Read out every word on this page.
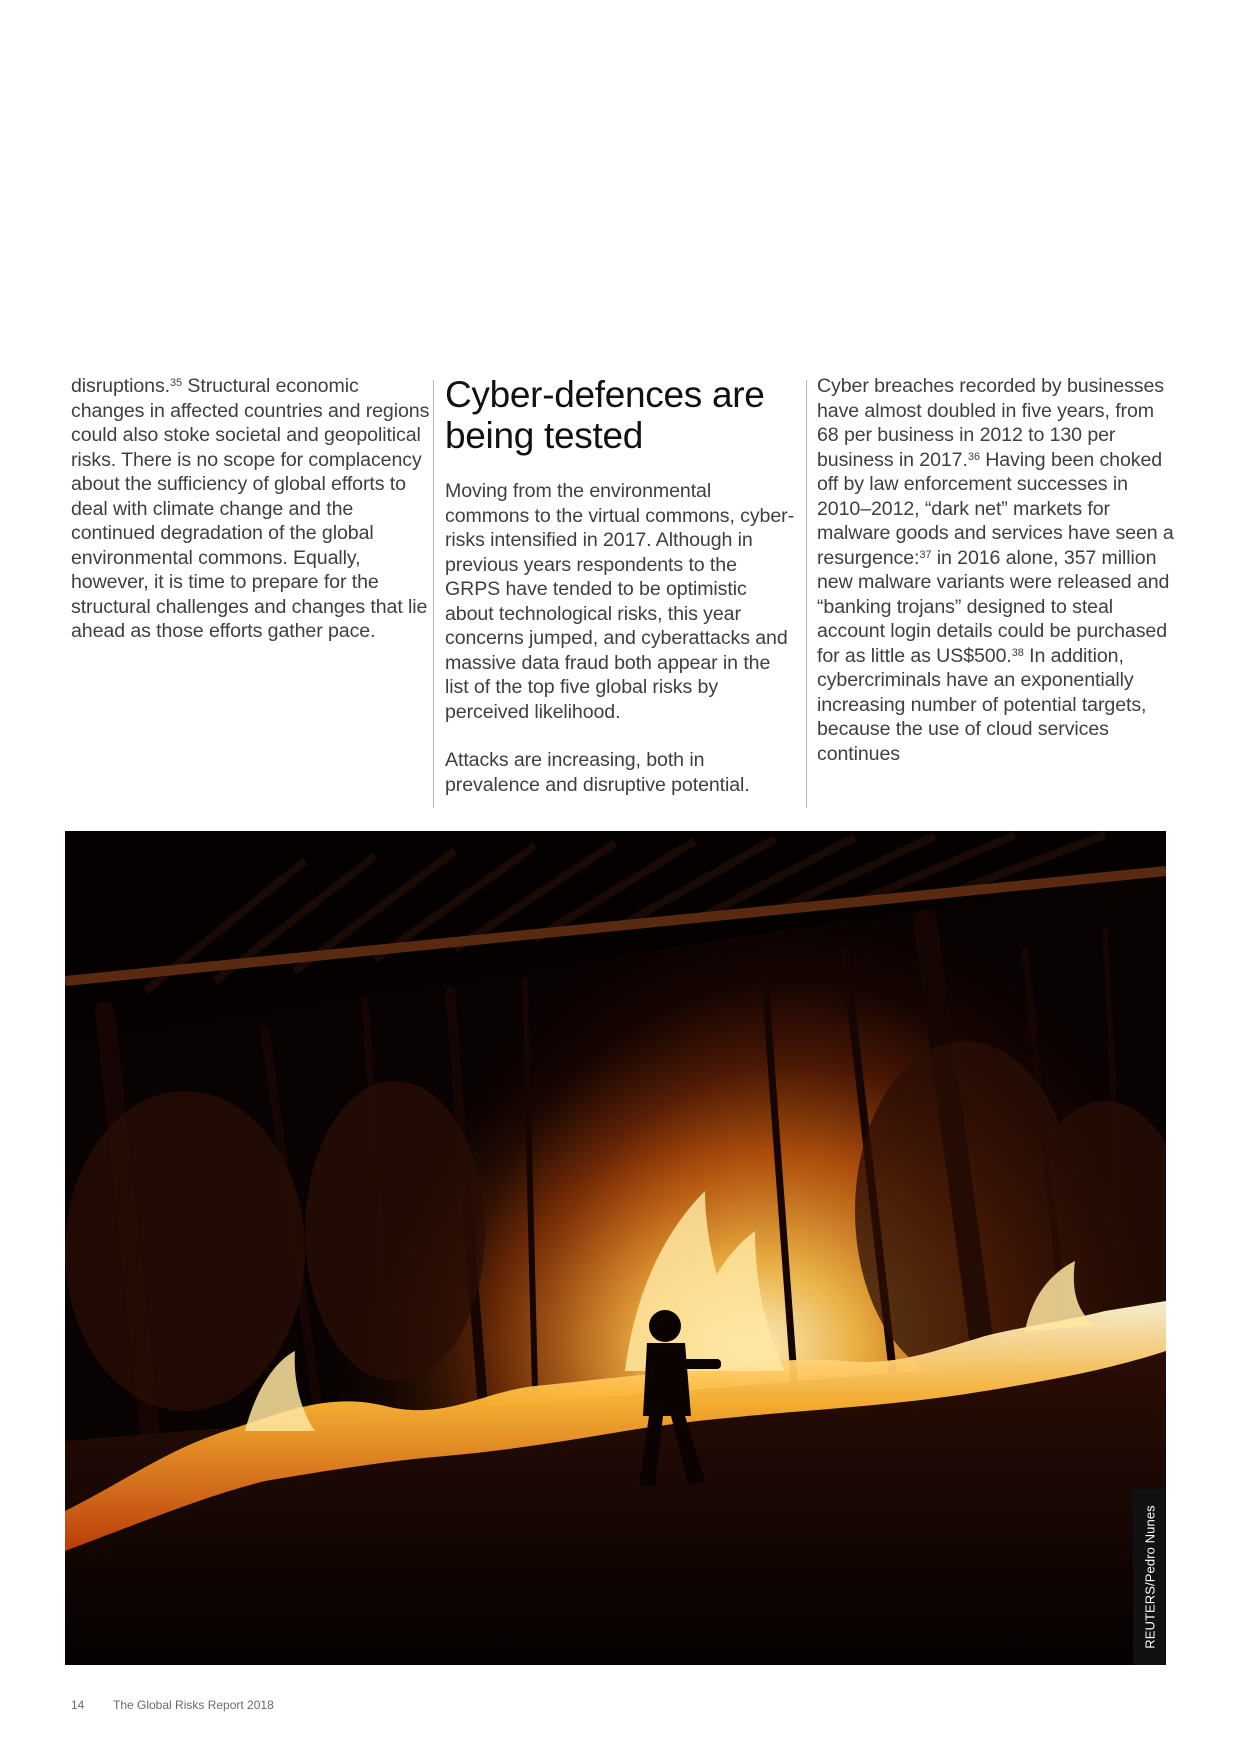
disruptions.$^{35}$ Structural economic changes in affected countries and regions could also stoke societal and geopolitical risks. There is no scope for complacency about the sufficiency of global efforts to deal with climate change and the continued degradation of the global environmental commons. Equally, however, it is time to prepare for the structural challenges and changes that lie ahead as those efforts gather pace.

Cyber-defences are being tested

Moving from the environmental commons to the virtual commons, cyber-risks intensified in 2017. Although in previous years respondents to the GRPS have tended to be optimistic about technological risks, this year concerns jumped, and cyberattacks and massive data fraud both appear in the list of the top five global risks by perceived likelihood.

Attacks are increasing, both in prevalence and disruptive potential.

Cyber breaches recorded by businesses have almost doubled in five years, from 68 per business in 2012 to 130 per business in 2017.36 Having been choked off by law enforcement successes in 2010–2012, “dark net” markets for malware goods and services have seen a resurgence:$^{37}$ in 2016 alone, 357 million new malware variants were released and “banking trojans” designed to steal account login details could be purchased for as little as US$500.38 In addition, cybercriminals have an exponentially increasing number of potential targets, because the use of cloud services continues

REUTERS/Pedro Nunes
14 The Global Risks Report 2018
